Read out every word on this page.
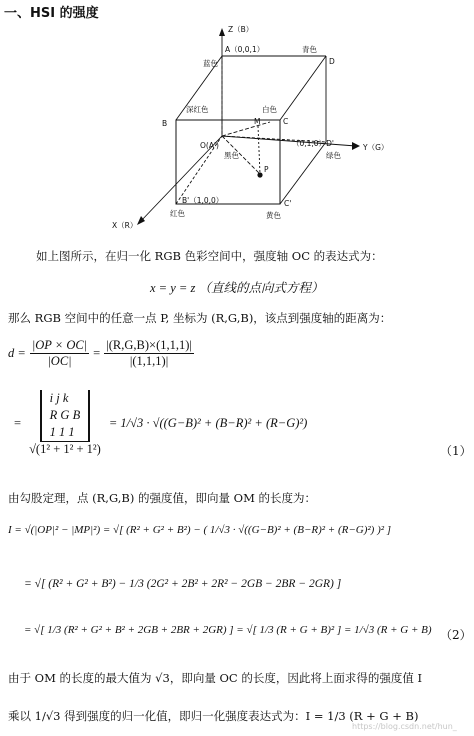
一、HSI 的强度
Z（B）
Y（G）
X（R）
A（0,0,1）
D
B	C
M
O(A')	（0,1,0）D'
B'（1,0,0）	C'
P
蓝色
青色
深红色	白色
黑色	绿色
红色	黄色
如上图所示，在归一化 RGB 色彩空间中，强度轴 OC 的表达式为：
x = y = z （直线的点向式方程）
那么 RGB 空间中的任意一点 P, 坐标为 (R,G,B)，该点到强度轴的距离为：
$d = \frac{|OP \times OC|}{|OC|} = \frac{|(R,G,B)\times(1,1,1)|}{|(1,1,1)|}$
= i j k
R G B
1 1 1
√(1² + 1² + 1²) = 1/√3 · √((G−B)² + (B−R)² + (R−G)²)
（1）
由勾股定理，点 (R,G,B) 的强度值，即向量 OM 的长度为：
I = √(|OP|² − |MP|²) = √[ (R² + G² + B²) − ( 1/√3 · √((G−B)² + (B−R)² + (R−G)²) )² ]
= √[ (R² + G² + B²) − 1/3 (2G² + 2B² + 2R² − 2GB − 2BR − 2GR) ]
= √[ 1/3 (R² + G² + B² + 2GB + 2BR + 2GR) ] = √[ 1/3 (R + G + B)² ] = 1/√3 (R + G + B) （2）
由于 OM 的长度的最大值为 √3，即向量 OC 的长度，因此将上面求得的强度值 I
乘以 1/√3 得到强度的归一化值，即归一化强度表达式为：I = 1/3 (R + G + B)
https://blog.csdn.net/hun_
